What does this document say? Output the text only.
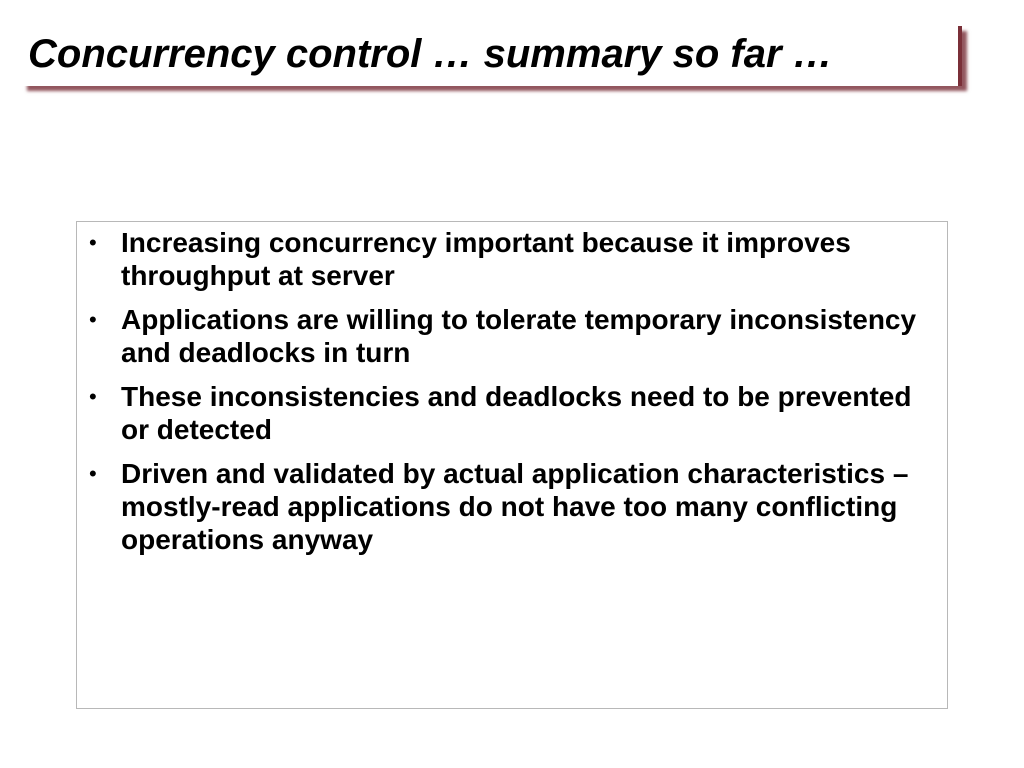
Concurrency control … summary so far …
• Increasing concurrency important because it improves throughput at server
• Applications are willing to tolerate temporary inconsistency and deadlocks in turn
• These inconsistencies and deadlocks need to be prevented or detected
• Driven and validated by actual application characteristics – mostly-read applications do not have too many conflicting operations anyway
